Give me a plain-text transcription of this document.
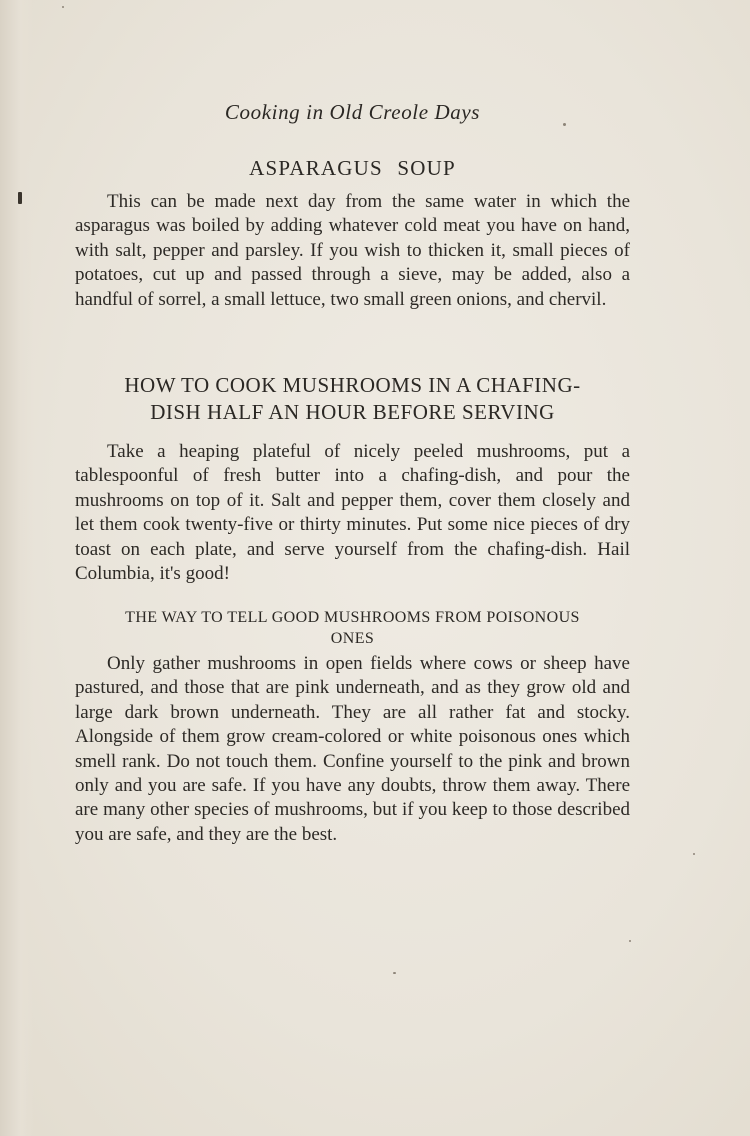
Cooking in Old Creole Days
ASPARAGUS SOUP

This can be made next day from the same water in which the asparagus was boiled by adding whatever cold meat you have on hand, with salt, pepper and parsley. If you wish to thicken it, small pieces of potatoes, cut up and passed through a sieve, may be added, also a handful of sorrel, a small lettuce, two small green onions, and chervil.

HOW TO COOK MUSHROOMS IN A CHAFING-
DISH HALF AN HOUR BEFORE SERVING

Take a heaping plateful of nicely peeled mushrooms, put a tablespoonful of fresh butter into a chafing-dish, and pour the mushrooms on top of it. Salt and pepper them, cover them closely and let them cook twenty-five or thirty minutes. Put some nice pieces of dry toast on each plate, and serve yourself from the chafing-dish. Hail Columbia, it's good!

THE WAY TO TELL GOOD MUSHROOMS FROM POISONOUS
ONES

Only gather mushrooms in open fields where cows or sheep have pastured, and those that are pink underneath, and as they grow old and large dark brown underneath. They are all rather fat and stocky. Alongside of them grow cream-colored or white poisonous ones which smell rank. Do not touch them. Confine yourself to the pink and brown only and you are safe. If you have any doubts, throw them away. There are many other species of mushrooms, but if you keep to those described you are safe, and they are the best.
